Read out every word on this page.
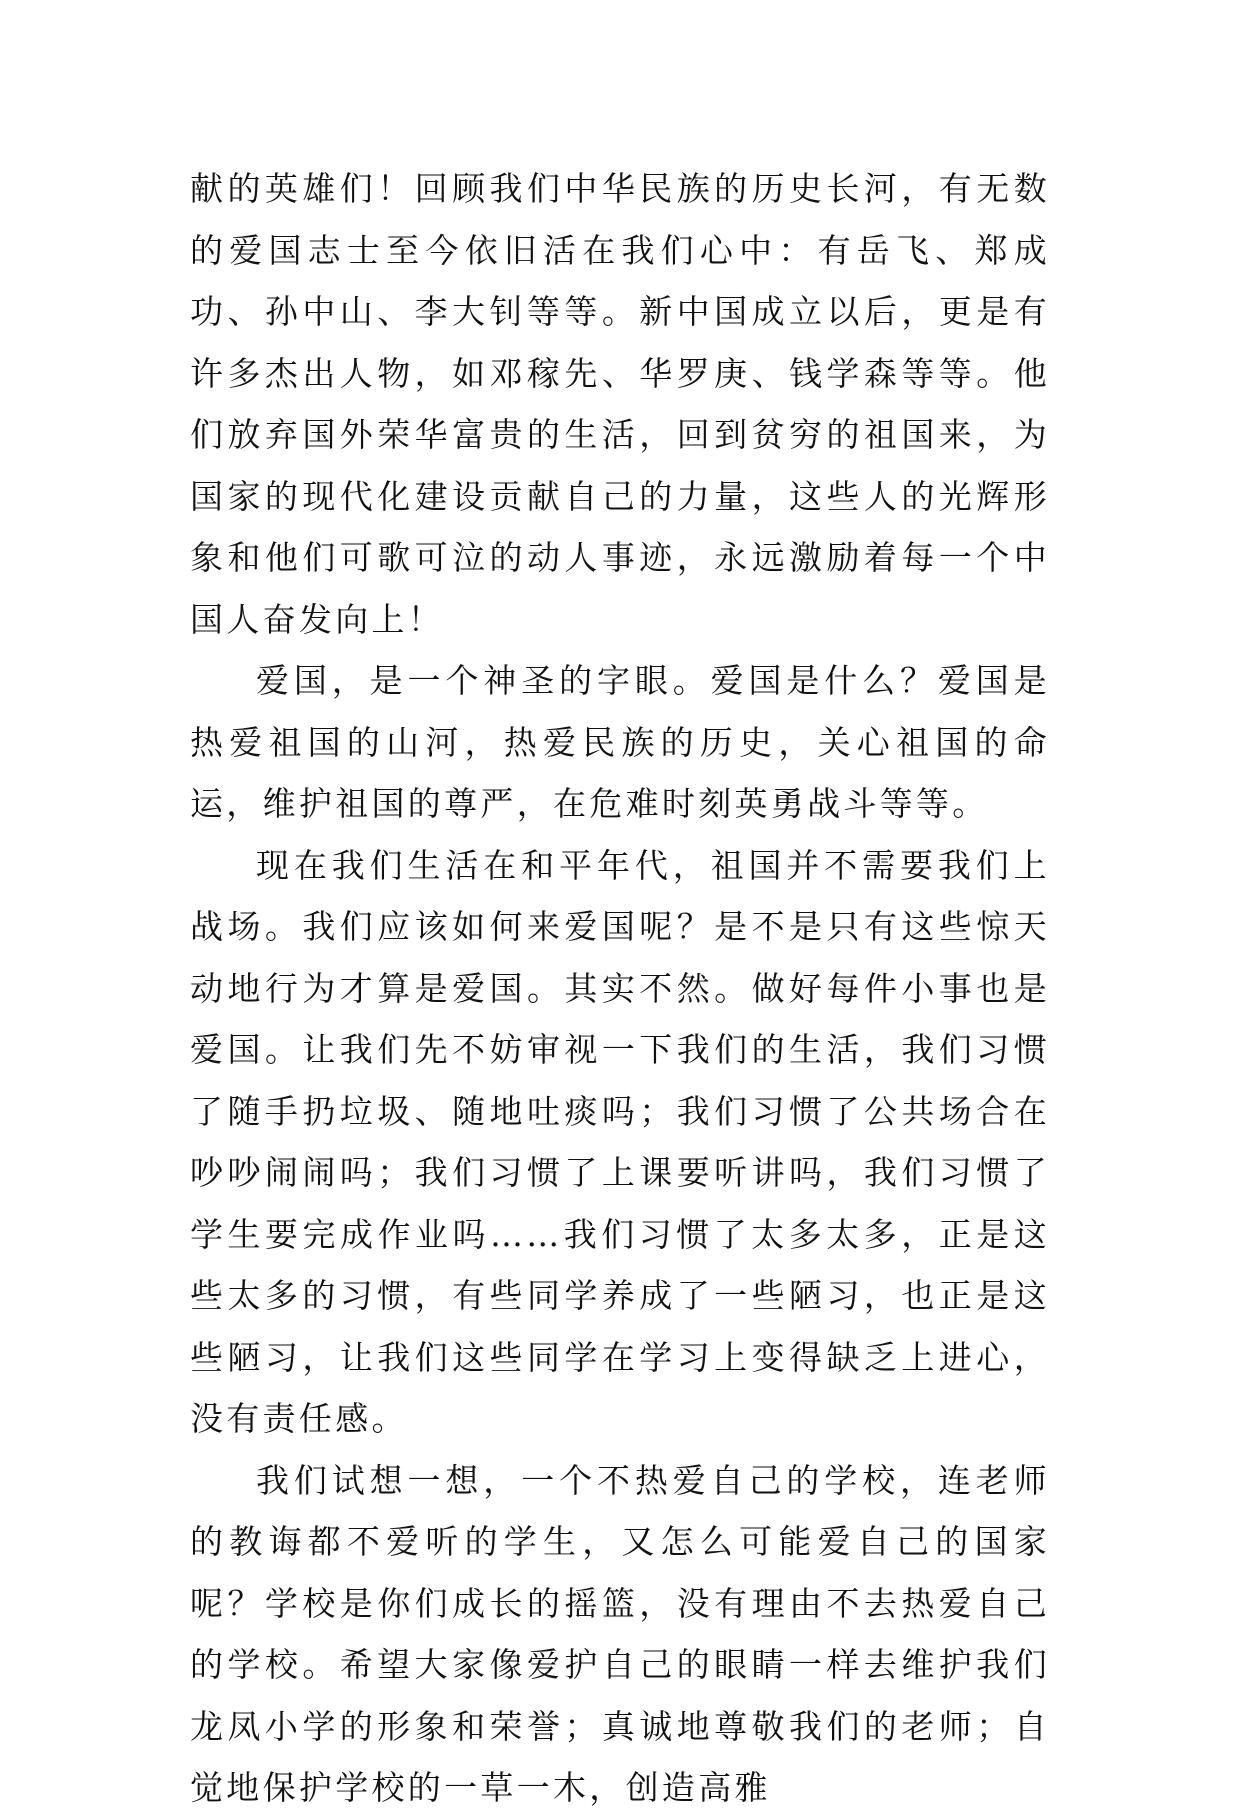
献的英雄们！回顾我们中华民族的历史长河，有无数的爱国志士至今依旧活在我们心中：有岳飞、郑成功、孙中山、李大钊等等。新中国成立以后，更是有许多杰出人物，如邓稼先、华罗庚、钱学森等等。他们放弃国外荣华富贵的生活，回到贫穷的祖国来，为国家的现代化建设贡献自己的力量，这些人的光辉形象和他们可歌可泣的动人事迹，永远激励着每一个中国人奋发向上！

爱国，是一个神圣的字眼。爱国是什么？爱国是热爱祖国的山河，热爱民族的历史，关心祖国的命运，维护祖国的尊严，在危难时刻英勇战斗等等。

现在我们生活在和平年代，祖国并不需要我们上战场。我们应该如何来爱国呢？是不是只有这些惊天动地行为才算是爱国。其实不然。做好每件小事也是爱国。让我们先不妨审视一下我们的生活，我们习惯了随手扔垃圾、随地吐痰吗；我们习惯了公共场合在吵吵闹闹吗；我们习惯了上课要听讲吗，我们习惯了学生要完成作业吗……我们习惯了太多太多，正是这些太多的习惯，有些同学养成了一些陋习，也正是这些陋习，让我们这些同学在学习上变得缺乏上进心，没有责任感。

我们试想一想，一个不热爱自己的学校，连老师的教诲都不爱听的学生，又怎么可能爱自己的国家呢？学校是你们成长的摇篮，没有理由不去热爱自己的学校。希望大家像爱护自己的眼睛一样去维护我们龙凤小学的形象和荣誉；真诚地尊敬我们的老师；自觉地保护学校的一草一木，创造高雅
